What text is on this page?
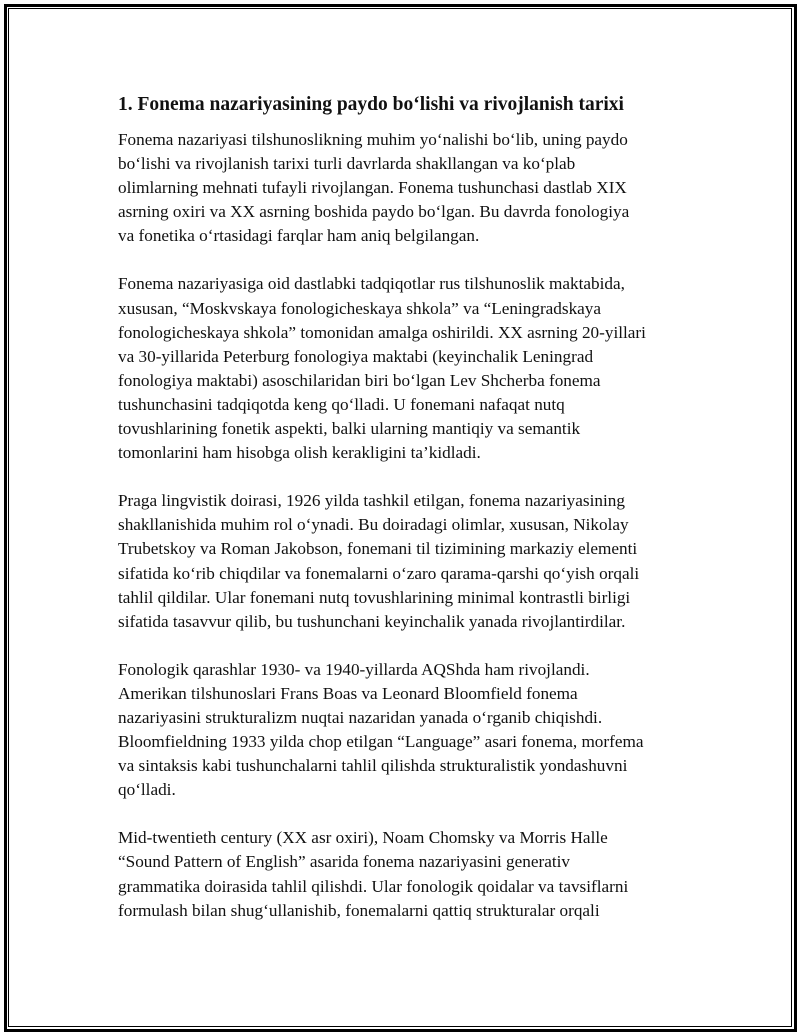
1. Fonema nazariyasining paydo bo‘lishi va rivojlanish tarixi

Fonema nazariyasi tilshunoslikning muhim yo‘nalishi bo‘lib, uning paydo
bo‘lishi va rivojlanish tarixi turli davrlarda shakllangan va ko‘plab
olimlarning mehnati tufayli rivojlangan. Fonema tushunchasi dastlab XIX
asrning oxiri va XX asrning boshida paydo bo‘lgan. Bu davrda fonologiya
va fonetika o‘rtasidagi farqlar ham aniq belgilangan.

Fonema nazariyasiga oid dastlabki tadqiqotlar rus tilshunoslik maktabida,
xususan, “Moskvskaya fonologicheskaya shkola” va “Leningradskaya
fonologicheskaya shkola” tomonidan amalga oshirildi. XX asrning 20-yillari
va 30-yillarida Peterburg fonologiya maktabi (keyinchalik Leningrad
fonologiya maktabi) asoschilaridan biri bo‘lgan Lev Shcherba fonema
tushunchasini tadqiqotda keng qo‘lladi. U fonemani nafaqat nutq
tovushlarining fonetik aspekti, balki ularning mantiqiy va semantik
tomonlarini ham hisobga olish kerakligini ta’kidladi.

Praga lingvistik doirasi, 1926 yilda tashkil etilgan, fonema nazariyasining
shakllanishida muhim rol o‘ynadi. Bu doiradagi olimlar, xususan, Nikolay
Trubetskoy va Roman Jakobson, fonemani til tizimining markaziy elementi
sifatida ko‘rib chiqdilar va fonemalarni o‘zaro qarama-qarshi qo‘yish orqali
tahlil qildilar. Ular fonemani nutq tovushlarining minimal kontrastli birligi
sifatida tasavvur qilib, bu tushunchani keyinchalik yanada rivojlantirdilar.

Fonologik qarashlar 1930- va 1940-yillarda AQShda ham rivojlandi.
Amerikan tilshunoslari Frans Boas va Leonard Bloomfield fonema
nazariyasini strukturalizm nuqtai nazaridan yanada o‘rganib chiqishdi.
Bloomfieldning 1933 yilda chop etilgan “Language” asari fonema, morfema
va sintaksis kabi tushunchalarni tahlil qilishda strukturalistik yondashuvni
qo‘lladi.

Mid-twentieth century (XX asr oxiri), Noam Chomsky va Morris Halle
“Sound Pattern of English” asarida fonema nazariyasini generativ
grammatika doirasida tahlil qilishdi. Ular fonologik qoidalar va tavsiflarni
formulash bilan shug‘ullanishib, fonemalarni qattiq strukturalar orqali
